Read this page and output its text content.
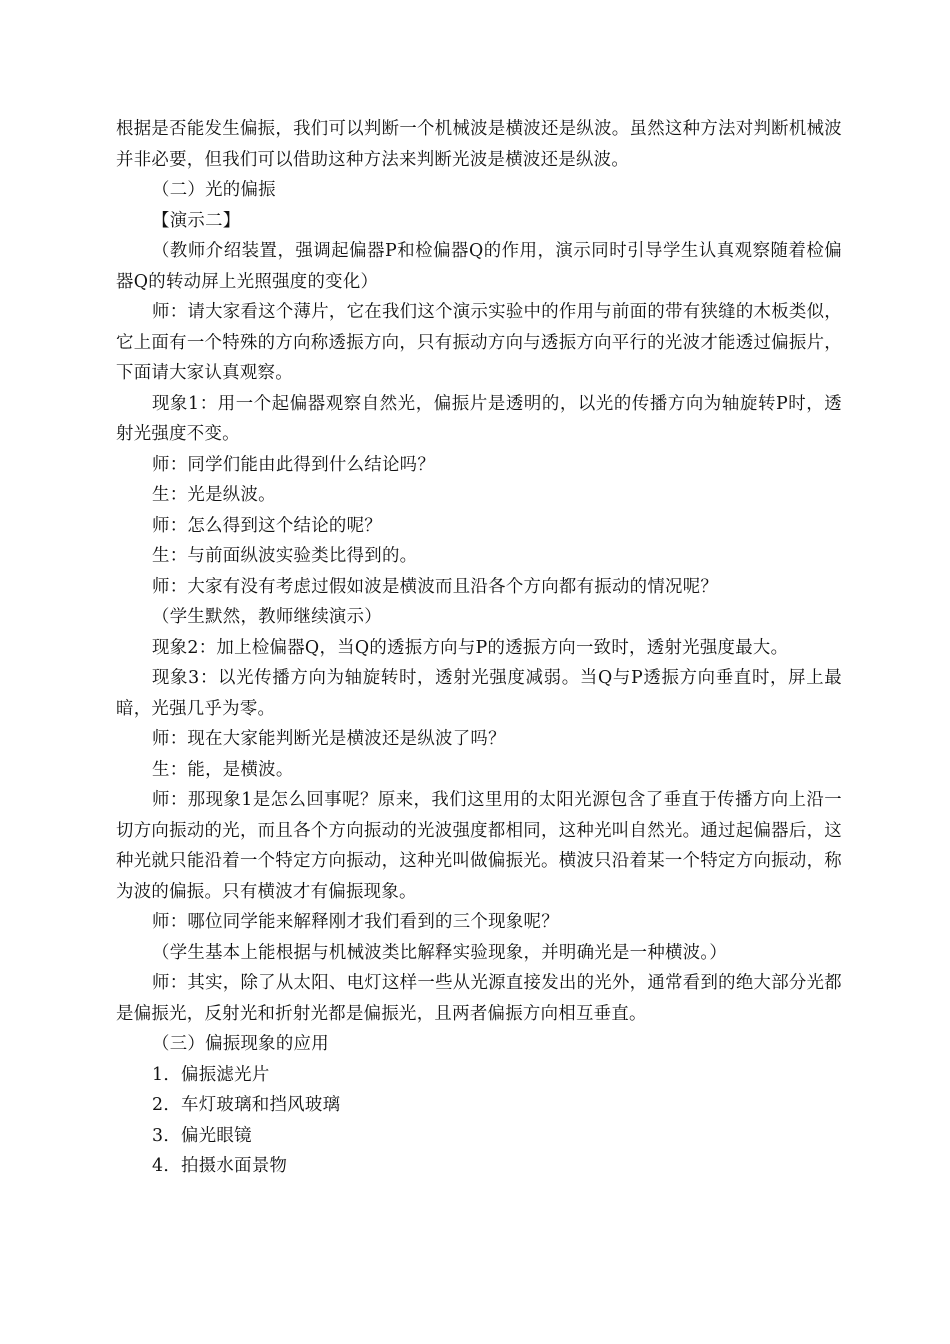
根据是否能发生偏振，我们可以判断一个机械波是横波还是纵波。虽然这种方法对判断机械波并非必要，但我们可以借助这种方法来判断光波是横波还是纵波。

（二）光的偏振

【演示二】

（教师介绍装置，强调起偏器P和检偏器Q的作用，演示同时引导学生认真观察随着检偏器Q的转动屏上光照强度的变化）

师：请大家看这个薄片，它在我们这个演示实验中的作用与前面的带有狭缝的木板类似，它上面有一个特殊的方向称透振方向，只有振动方向与透振方向平行的光波才能透过偏振片，下面请大家认真观察。

现象1：用一个起偏器观察自然光，偏振片是透明的，以光的传播方向为轴旋转P时，透射光强度不变。

师：同学们能由此得到什么结论吗？

生：光是纵波。

师：怎么得到这个结论的呢？

生：与前面纵波实验类比得到的。

师：大家有没有考虑过假如波是横波而且沿各个方向都有振动的情况呢？

（学生默然，教师继续演示）

现象2：加上检偏器Q，当Q的透振方向与P的透振方向一致时，透射光强度最大。

现象3：以光传播方向为轴旋转时，透射光强度减弱。当Q与P透振方向垂直时，屏上最暗，光强几乎为零。

师：现在大家能判断光是横波还是纵波了吗？

生：能，是横波。

师：那现象1是怎么回事呢？原来，我们这里用的太阳光源包含了垂直于传播方向上沿一切方向振动的光，而且各个方向振动的光波强度都相同，这种光叫自然光。通过起偏器后，这种光就只能沿着一个特定方向振动，这种光叫做偏振光。横波只沿着某一个特定方向振动，称为波的偏振。只有横波才有偏振现象。

师：哪位同学能来解释刚才我们看到的三个现象呢？

（学生基本上能根据与机械波类比解释实验现象，并明确光是一种横波。）

师：其实，除了从太阳、电灯这样一些从光源直接发出的光外，通常看到的绝大部分光都是偏振光，反射光和折射光都是偏振光，且两者偏振方向相互垂直。

（三）偏振现象的应用

1．偏振滤光片

2．车灯玻璃和挡风玻璃

3．偏光眼镜

4．拍摄水面景物
